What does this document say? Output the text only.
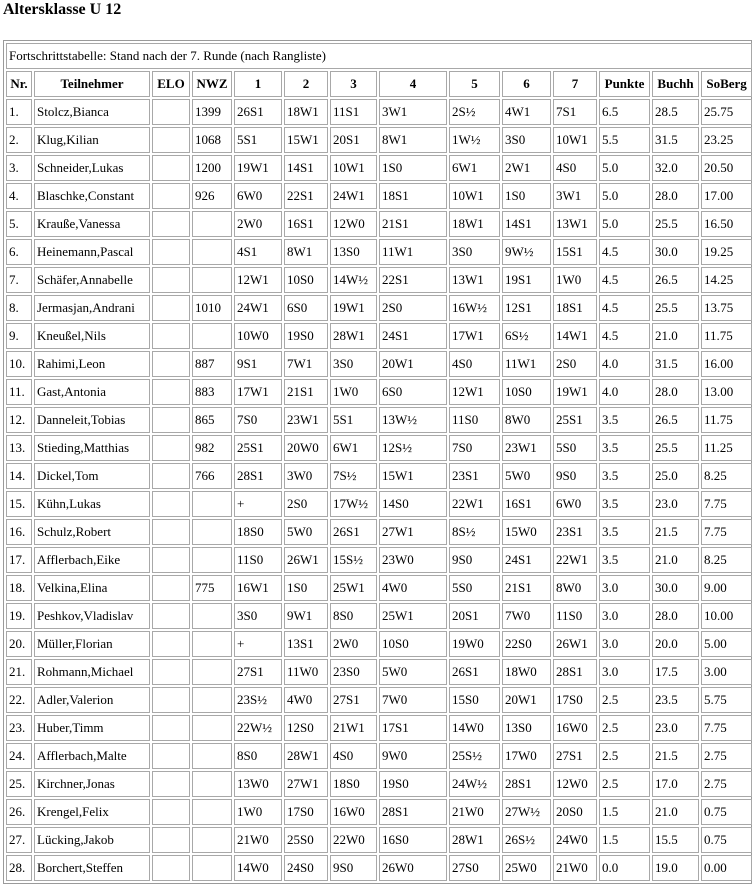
Altersklasse U 12
Fortschrittstabelle: Stand nach der 7. Runde (nach Rangliste)													
Nr.	Teilnehmer	ELO	NWZ	1	2	3	4	5	6	7	Punkte	Buchh	SoBerg
1.	Stolcz,Bianca		1399	26S1	18W1	11S1	3W1	2S½	4W1	7S1	6.5	28.5	25.75
2.	Klug,Kilian		1068	5S1	15W1	20S1	8W1	1W½	3S0	10W1	5.5	31.5	23.25
3.	Schneider,Lukas		1200	19W1	14S1	10W1	1S0	6W1	2W1	4S0	5.0	32.0	20.50
4.	Blaschke,Constant		926	6W0	22S1	24W1	18S1	10W1	1S0	3W1	5.0	28.0	17.00
5.	Krauße,Vanessa			2W0	16S1	12W0	21S1	18W1	14S1	13W1	5.0	25.5	16.50
6.	Heinemann,Pascal			4S1	8W1	13S0	11W1	3S0	9W½	15S1	4.5	30.0	19.25
7.	Schäfer,Annabelle			12W1	10S0	14W½	22S1	13W1	19S1	1W0	4.5	26.5	14.25
8.	Jermasjan,Andrani		1010	24W1	6S0	19W1	2S0	16W½	12S1	18S1	4.5	25.5	13.75
9.	Kneußel,Nils			10W0	19S0	28W1	24S1	17W1	6S½	14W1	4.5	21.0	11.75
10.	Rahimi,Leon		887	9S1	7W1	3S0	20W1	4S0	11W1	2S0	4.0	31.5	16.00
11.	Gast,Antonia		883	17W1	21S1	1W0	6S0	12W1	10S0	19W1	4.0	28.0	13.00
12.	Danneleit,Tobias		865	7S0	23W1	5S1	13W½	11S0	8W0	25S1	3.5	26.5	11.75
13.	Stieding,Matthias		982	25S1	20W0	6W1	12S½	7S0	23W1	5S0	3.5	25.5	11.25
14.	Dickel,Tom		766	28S1	3W0	7S½	15W1	23S1	5W0	9S0	3.5	25.0	8.25
15.	Kühn,Lukas			+	2S0	17W½	14S0	22W1	16S1	6W0	3.5	23.0	7.75
16.	Schulz,Robert			18S0	5W0	26S1	27W1	8S½	15W0	23S1	3.5	21.5	7.75
17.	Afflerbach,Eike			11S0	26W1	15S½	23W0	9S0	24S1	22W1	3.5	21.0	8.25
18.	Velkina,Elina		775	16W1	1S0	25W1	4W0	5S0	21S1	8W0	3.0	30.0	9.00
19.	Peshkov,Vladislav			3S0	9W1	8S0	25W1	20S1	7W0	11S0	3.0	28.0	10.00
20.	Müller,Florian			+	13S1	2W0	10S0	19W0	22S0	26W1	3.0	20.0	5.00
21.	Rohmann,Michael			27S1	11W0	23S0	5W0	26S1	18W0	28S1	3.0	17.5	3.00
22.	Adler,Valerion			23S½	4W0	27S1	7W0	15S0	20W1	17S0	2.5	23.5	5.75
23.	Huber,Timm			22W½	12S0	21W1	17S1	14W0	13S0	16W0	2.5	23.0	7.75
24.	Afflerbach,Malte			8S0	28W1	4S0	9W0	25S½	17W0	27S1	2.5	21.5	2.75
25.	Kirchner,Jonas			13W0	27W1	18S0	19S0	24W½	28S1	12W0	2.5	17.0	2.75
26.	Krengel,Felix			1W0	17S0	16W0	28S1	21W0	27W½	20S0	1.5	21.0	0.75
27.	Lücking,Jakob			21W0	25S0	22W0	16S0	28W1	26S½	24W0	1.5	15.5	0.75
28.	Borchert,Steffen			14W0	24S0	9S0	26W0	27S0	25W0	21W0	0.0	19.0	0.00
